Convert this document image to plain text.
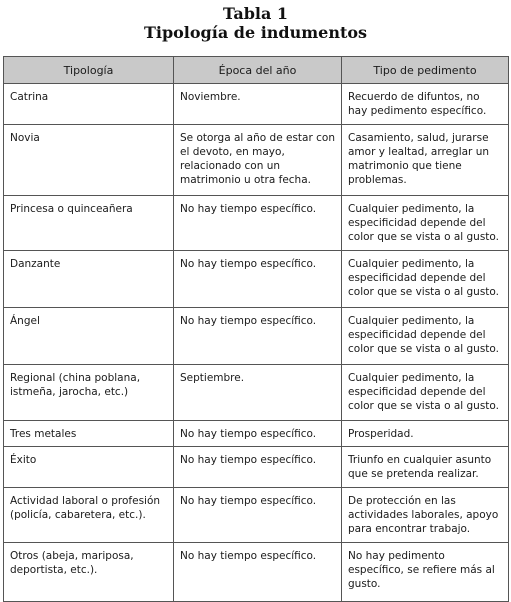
Tabla 1
Tipología de indumentos
Tipología	Época del año	Tipo de pedimento
Catrina	Noviembre.	Recuerdo de difuntos, no hay pedimento específico.
Novia	Se otorga al año de estar con el devoto, en mayo, relacionado con un matrimonio u otra fecha.	Casamiento, salud, jurarse amor y lealtad, arreglar un matrimonio que tiene problemas.
Princesa o quinceañera	No hay tiempo específico.	Cualquier pedimento, la especificidad depende del color que se vista o al gusto.
Danzante	No hay tiempo específico.	Cualquier pedimento, la especificidad depende del color que se vista o al gusto.
Ángel	No hay tiempo específico.	Cualquier pedimento, la especificidad depende del color que se vista o al gusto.
Regional (china poblana, istmeña, jarocha, etc.)	Septiembre.	Cualquier pedimento, la especificidad depende del color que se vista o al gusto.
Tres metales	No hay tiempo específico.	Prosperidad.
Éxito	No hay tiempo específico.	Triunfo en cualquier asunto que se pretenda realizar.
Actividad laboral o profesión (policía, cabaretera, etc.).	No hay tiempo específico.	De protección en las actividades laborales, apoyo para encontrar trabajo.
Otros (abeja, mariposa, deportista, etc.).	No hay tiempo específico.	No hay pedimento específico, se refiere más al gusto.
